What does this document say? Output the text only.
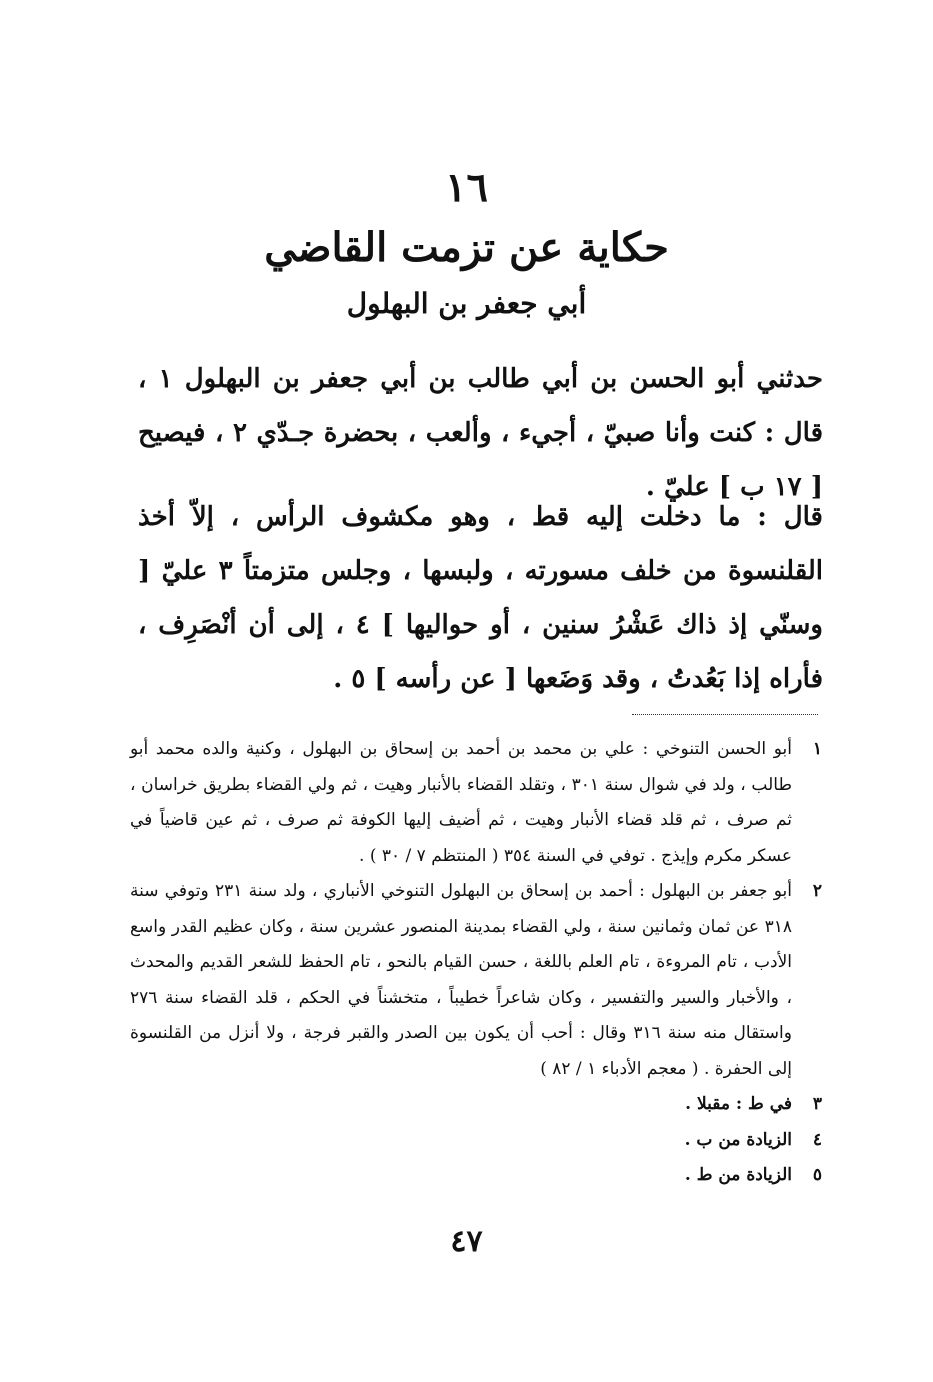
١٦
حكاية عن تزمت القاضي
أبي جعفر بن البهلول
حدثني أبو الحسن بن أبي طالب بن أبي جعفر بن البهلول ١ ، قال : كنت وأنا صبيّ ، أجيء ، وألعب ، بحضرة جـدّي ٢ ، فيصيح [ ١٧ ب ] عليّ .
قال : ما دخلت إليه قط ، وهو مكشوف الرأس ، إلاّ أخذ القلنسوة من خلف مسورته ، ولبسها ، وجلس متزمتاً ٣ عليّ [ وسنّي إذ ذاك عَشْرُ سنين ، أو حواليها ] ٤ ، إلى أن أنْصَرِف ، فأراه إذا بَعُدتُ ، وقد وَضَعها [ عن رأسه ] ٥ .
١
أبو الحسن التنوخي : علي بن محمد بن أحمد بن إسحاق بن البهلول ، وكنية والده محمد أبو طالب ، ولد في شوال سنة ٣٠١ ، وتقلد القضاء بالأنبار وهيت ، ثم ولي القضاء بطريق خراسان ، ثم صرف ، ثم قلد قضاء الأنبار وهيت ، ثم أضيف إليها الكوفة ثم صرف ، ثم عين قاضياً في عسكر مكرم وإيذج . توفي في السنة ٣٥٤ ( المنتظم ٧ / ٣٠ ) .
٢
أبو جعفر بن البهلول : أحمد بن إسحاق بن البهلول التنوخي الأنباري ، ولد سنة ٢٣١ وتوفي سنة ٣١٨ عن ثمان وثمانين سنة ، ولي القضاء بمدينة المنصور عشرين سنة ، وكان عظيم القدر واسع الأدب ، تام المروءة ، تام العلم باللغة ، حسن القيام بالنحو ، تام الحفظ للشعر القديم والمحدث ، والأخبار والسير والتفسير ، وكان شاعراً خطيباً ، متخشناً في الحكم ، قلد القضاء سنة ٢٧٦ واستقال منه سنة ٣١٦ وقال : أحب أن يكون بين الصدر والقبر فرجة ، ولا أنزل من القلنسوة إلى الحفرة . ( معجم الأدباء ١ / ٨٢ )
٣
في ط : مقبلا .
٤
الزيادة من ب .
٥
الزيادة من ط .
٤٧
